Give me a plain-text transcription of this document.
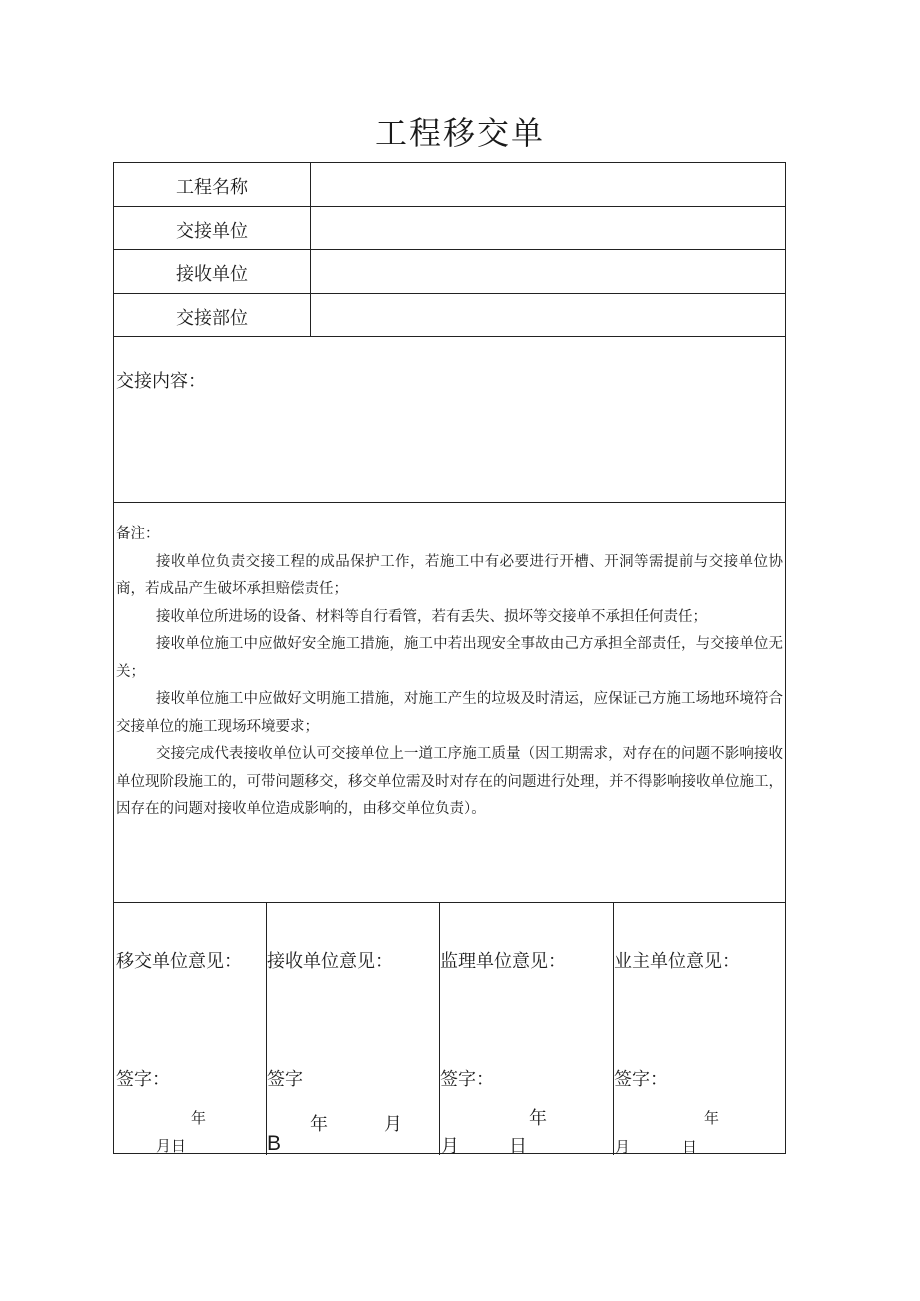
工程移交单
工程名称
交接单位
接收单位
交接部位
交接内容：

备注：

接收单位负责交接工程的成品保护工作，若施工中有必要进行开槽、开洞等需提前与交接单位协商，若成品产生破坏承担赔偿责任；

接收单位所进场的设备、材料等自行看管，若有丢失、损坏等交接单不承担任何责任；

接收单位施工中应做好安全施工措施，施工中若出现安全事故由己方承担全部责任，与交接单位无关；

接收单位施工中应做好文明施工措施，对施工产生的垃圾及时清运，应保证己方施工场地环境符合交接单位的施工现场环境要求；

交接完成代表接收单位认可交接单位上一道工序施工质量（因工期需求，对存在的问题不影响接收单位现阶段施工的，可带问题移交，移交单位需及时对存在的问题进行处理，并不得影响接收单位施工，因存在的问题对接收单位造成影响的，由移交单位负责）。

移交单位意见：
签字：
年
月日
接收单位意见：
签字
年	月
B
监理单位意见：
签字：
年
月	日
业主单位意见：
签字：
年
月	日
